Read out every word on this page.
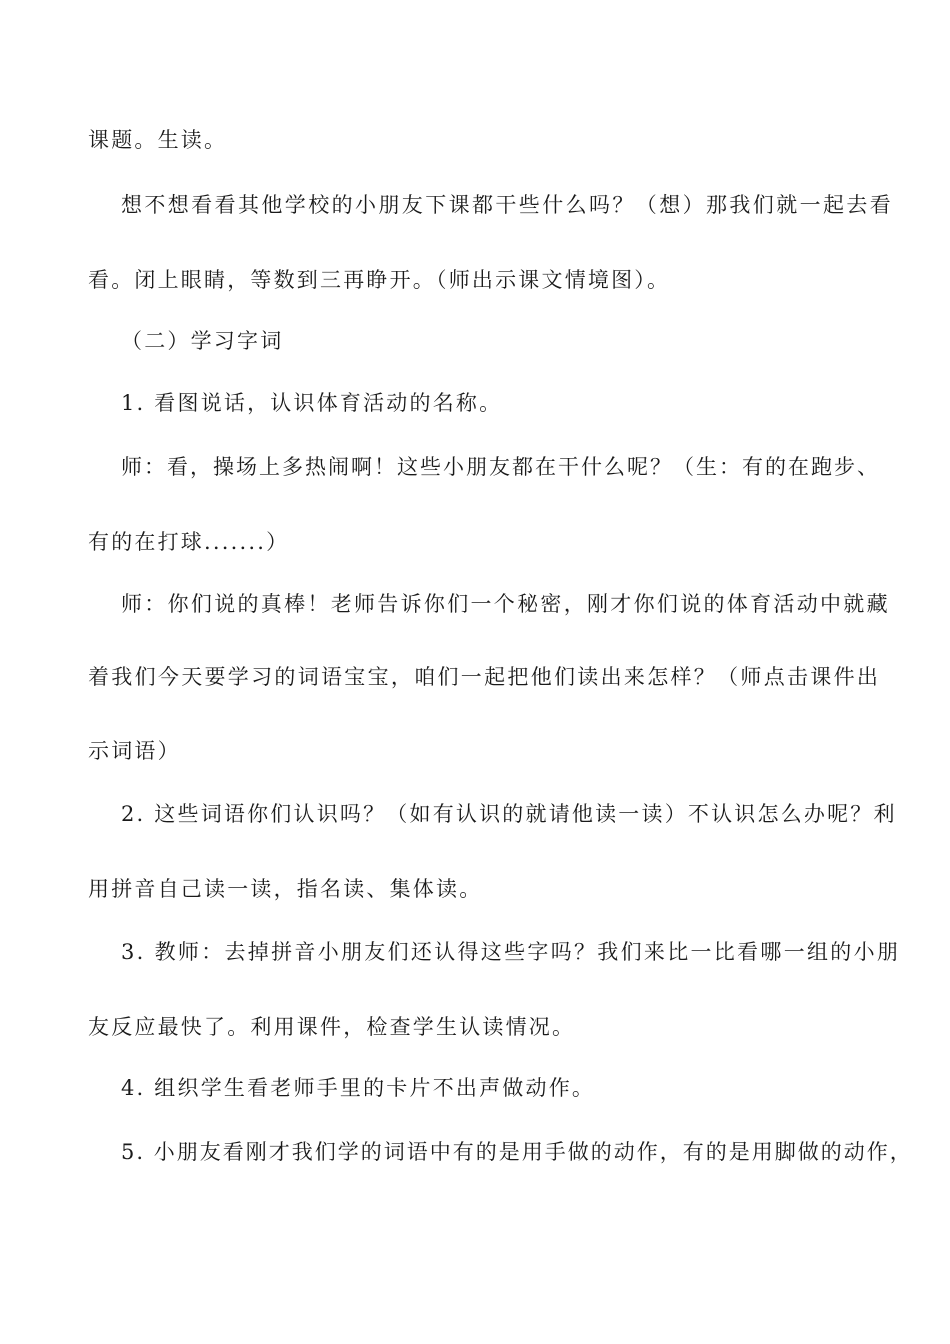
课题。生读。
想不想看看其他学校的小朋友下课都干些什么吗？（想）那我们就一起去看
看。闭上眼睛，等数到三再睁开。（师出示课文情境图）。
（二）学习字词
1. 看图说话，认识体育活动的名称。
师：看，操场上多热闹啊！这些小朋友都在干什么呢？（生：有的在跑步、
有的在打球.......）
师：你们说的真棒！老师告诉你们一个秘密，刚才你们说的体育活动中就藏
着我们今天要学习的词语宝宝，咱们一起把他们读出来怎样？（师点击课件出
示词语）
2. 这些词语你们认识吗？（如有认识的就请他读一读）不认识怎么办呢？利
用拼音自己读一读，指名读、集体读。
3. 教师：去掉拼音小朋友们还认得这些字吗？我们来比一比看哪一组的小朋
友反应最快了。利用课件，检查学生认读情况。
4. 组织学生看老师手里的卡片不出声做动作。
5. 小朋友看刚才我们学的词语中有的是用手做的动作，有的是用脚做的动作，
